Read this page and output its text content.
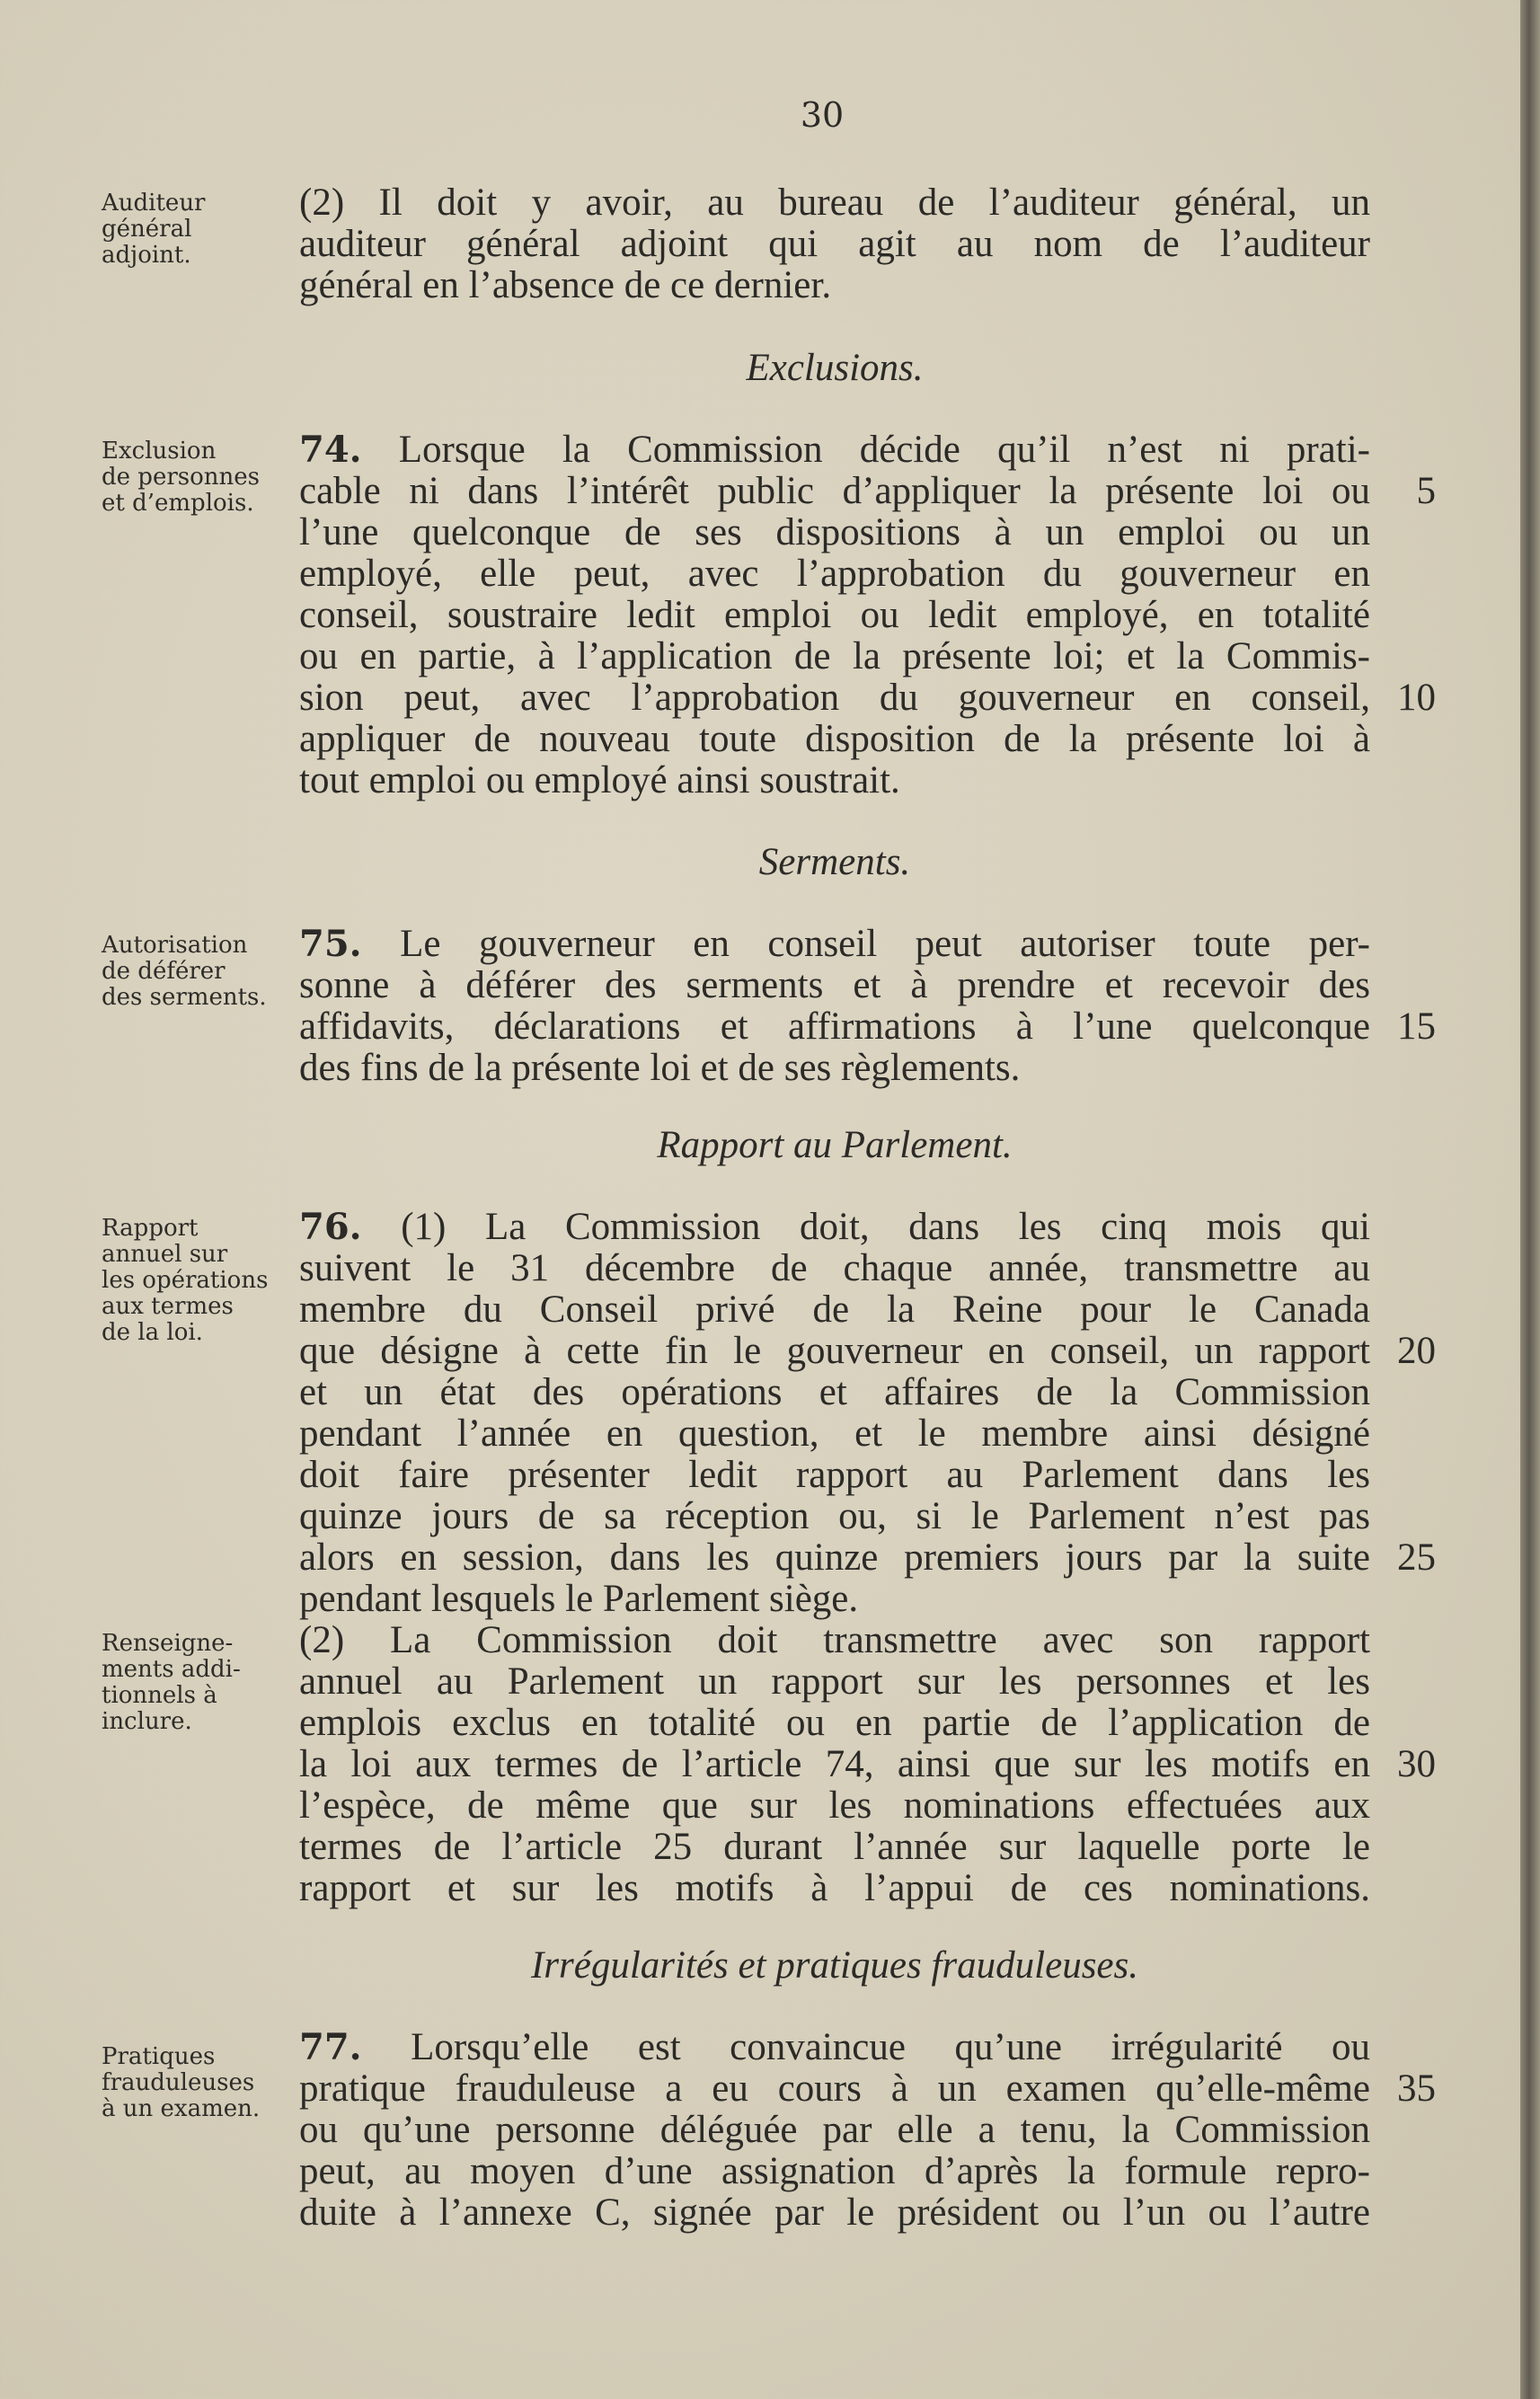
30
Auditeur
général
adjoint.
Exclusion
de personnes
et d’emplois.
Autorisation
de déférer
des serments.
Rapport
annuel sur
les opérations
aux termes
de la loi.
Renseigne-
ments addi-
tionnels à
inclure.
Pratiques
frauduleuses
à un examen.
(2) Il doit y avoir, au bureau de l’auditeur général, un
auditeur général adjoint qui agit au nom de l’auditeur
général en l’absence de ce dernier.
Exclusions.
74. Lorsque la Commission décide qu’il n’est ni prati-
cable ni dans l’intérêt public d’appliquer la présente loi ou
l’une quelconque de ses dispositions à un emploi ou un
employé, elle peut, avec l’approbation du gouverneur en
conseil, soustraire ledit emploi ou ledit employé, en totalité
ou en partie, à l’application de la présente loi; et la Commis-
sion peut, avec l’approbation du gouverneur en conseil,
appliquer de nouveau toute disposition de la présente loi à
tout emploi ou employé ainsi soustrait.
Serments.
75. Le gouverneur en conseil peut autoriser toute per-
sonne à déférer des serments et à prendre et recevoir des
affidavits, déclarations et affirmations à l’une quelconque
des fins de la présente loi et de ses règlements.
Rapport au Parlement.
76. (1) La Commission doit, dans les cinq mois qui
suivent le 31 décembre de chaque année, transmettre au
membre du Conseil privé de la Reine pour le Canada
que désigne à cette fin le gouverneur en conseil, un rapport
et un état des opérations et affaires de la Commission
pendant l’année en question, et le membre ainsi désigné
doit faire présenter ledit rapport au Parlement dans les
quinze jours de sa réception ou, si le Parlement n’est pas
alors en session, dans les quinze premiers jours par la suite
pendant lesquels le Parlement siège.
(2) La Commission doit transmettre avec son rapport
annuel au Parlement un rapport sur les personnes et les
emplois exclus en totalité ou en partie de l’application de
la loi aux termes de l’article 74, ainsi que sur les motifs en
l’espèce, de même que sur les nominations effectuées aux
termes de l’article 25 durant l’année sur laquelle porte le
rapport et sur les motifs à l’appui de ces nominations.
Irrégularités et pratiques frauduleuses.
77. Lorsqu’elle est convaincue qu’une irrégularité ou
pratique frauduleuse a eu cours à un examen qu’elle-même
ou qu’une personne déléguée par elle a tenu, la Commission
peut, au moyen d’une assignation d’après la formule repro-
duite à l’annexe C, signée par le président ou l’un ou l’autre
5
10
15
20
25
30
35
